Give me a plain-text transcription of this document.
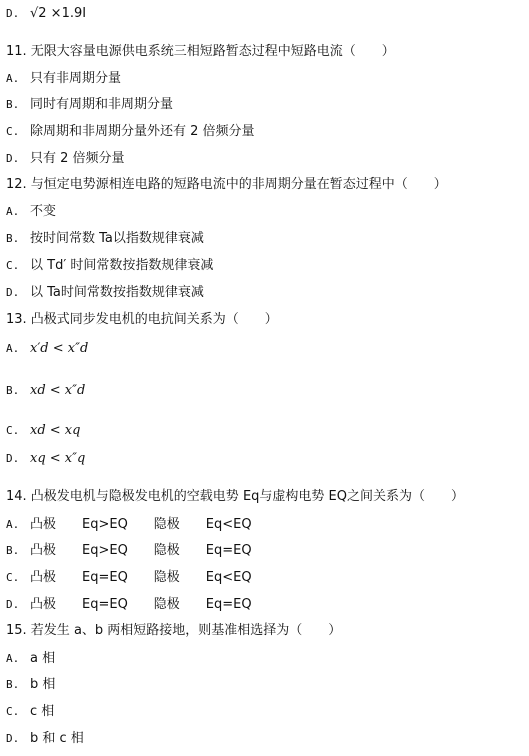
D. √2 ×1.9I
11. 无限大容量电源供电系统三相短路暂态过程中短路电流（　　）
A. 只有非周期分量
B. 同时有周期和非周期分量
C. 除周期和非周期分量外还有 2 倍频分量
D. 只有 2 倍频分量
12. 与恒定电势源相连电路的短路电流中的非周期分量在暂态过程中（　　）
A. 不变
B. 按时间常数 Ta以指数规律衰减
C. 以 Td′ 时间常数按指数规律衰减
D. 以 Ta时间常数按指数规律衰减
13. 凸极式同步发电机的电抗间关系为（　　）
A. x′d < x″d
B. xd < x″d
C. xd < xq
D. xq < x″q
14. 凸极发电机与隐极发电机的空载电势 Eq与虚构电势 EQ之间关系为（　　）
A. 凸极　　Eq>EQ　　隐极　　Eq<EQ
B. 凸极　　Eq>EQ　　隐极　　Eq=EQ
C. 凸极　　Eq=EQ　　隐极　　Eq<EQ
D. 凸极　　Eq=EQ　　隐极　　Eq=EQ
15. 若发生 a、b 两相短路接地，则基准相选择为（　　）
A. a 相
B. b 相
C. c 相
D. b 和 c 相
